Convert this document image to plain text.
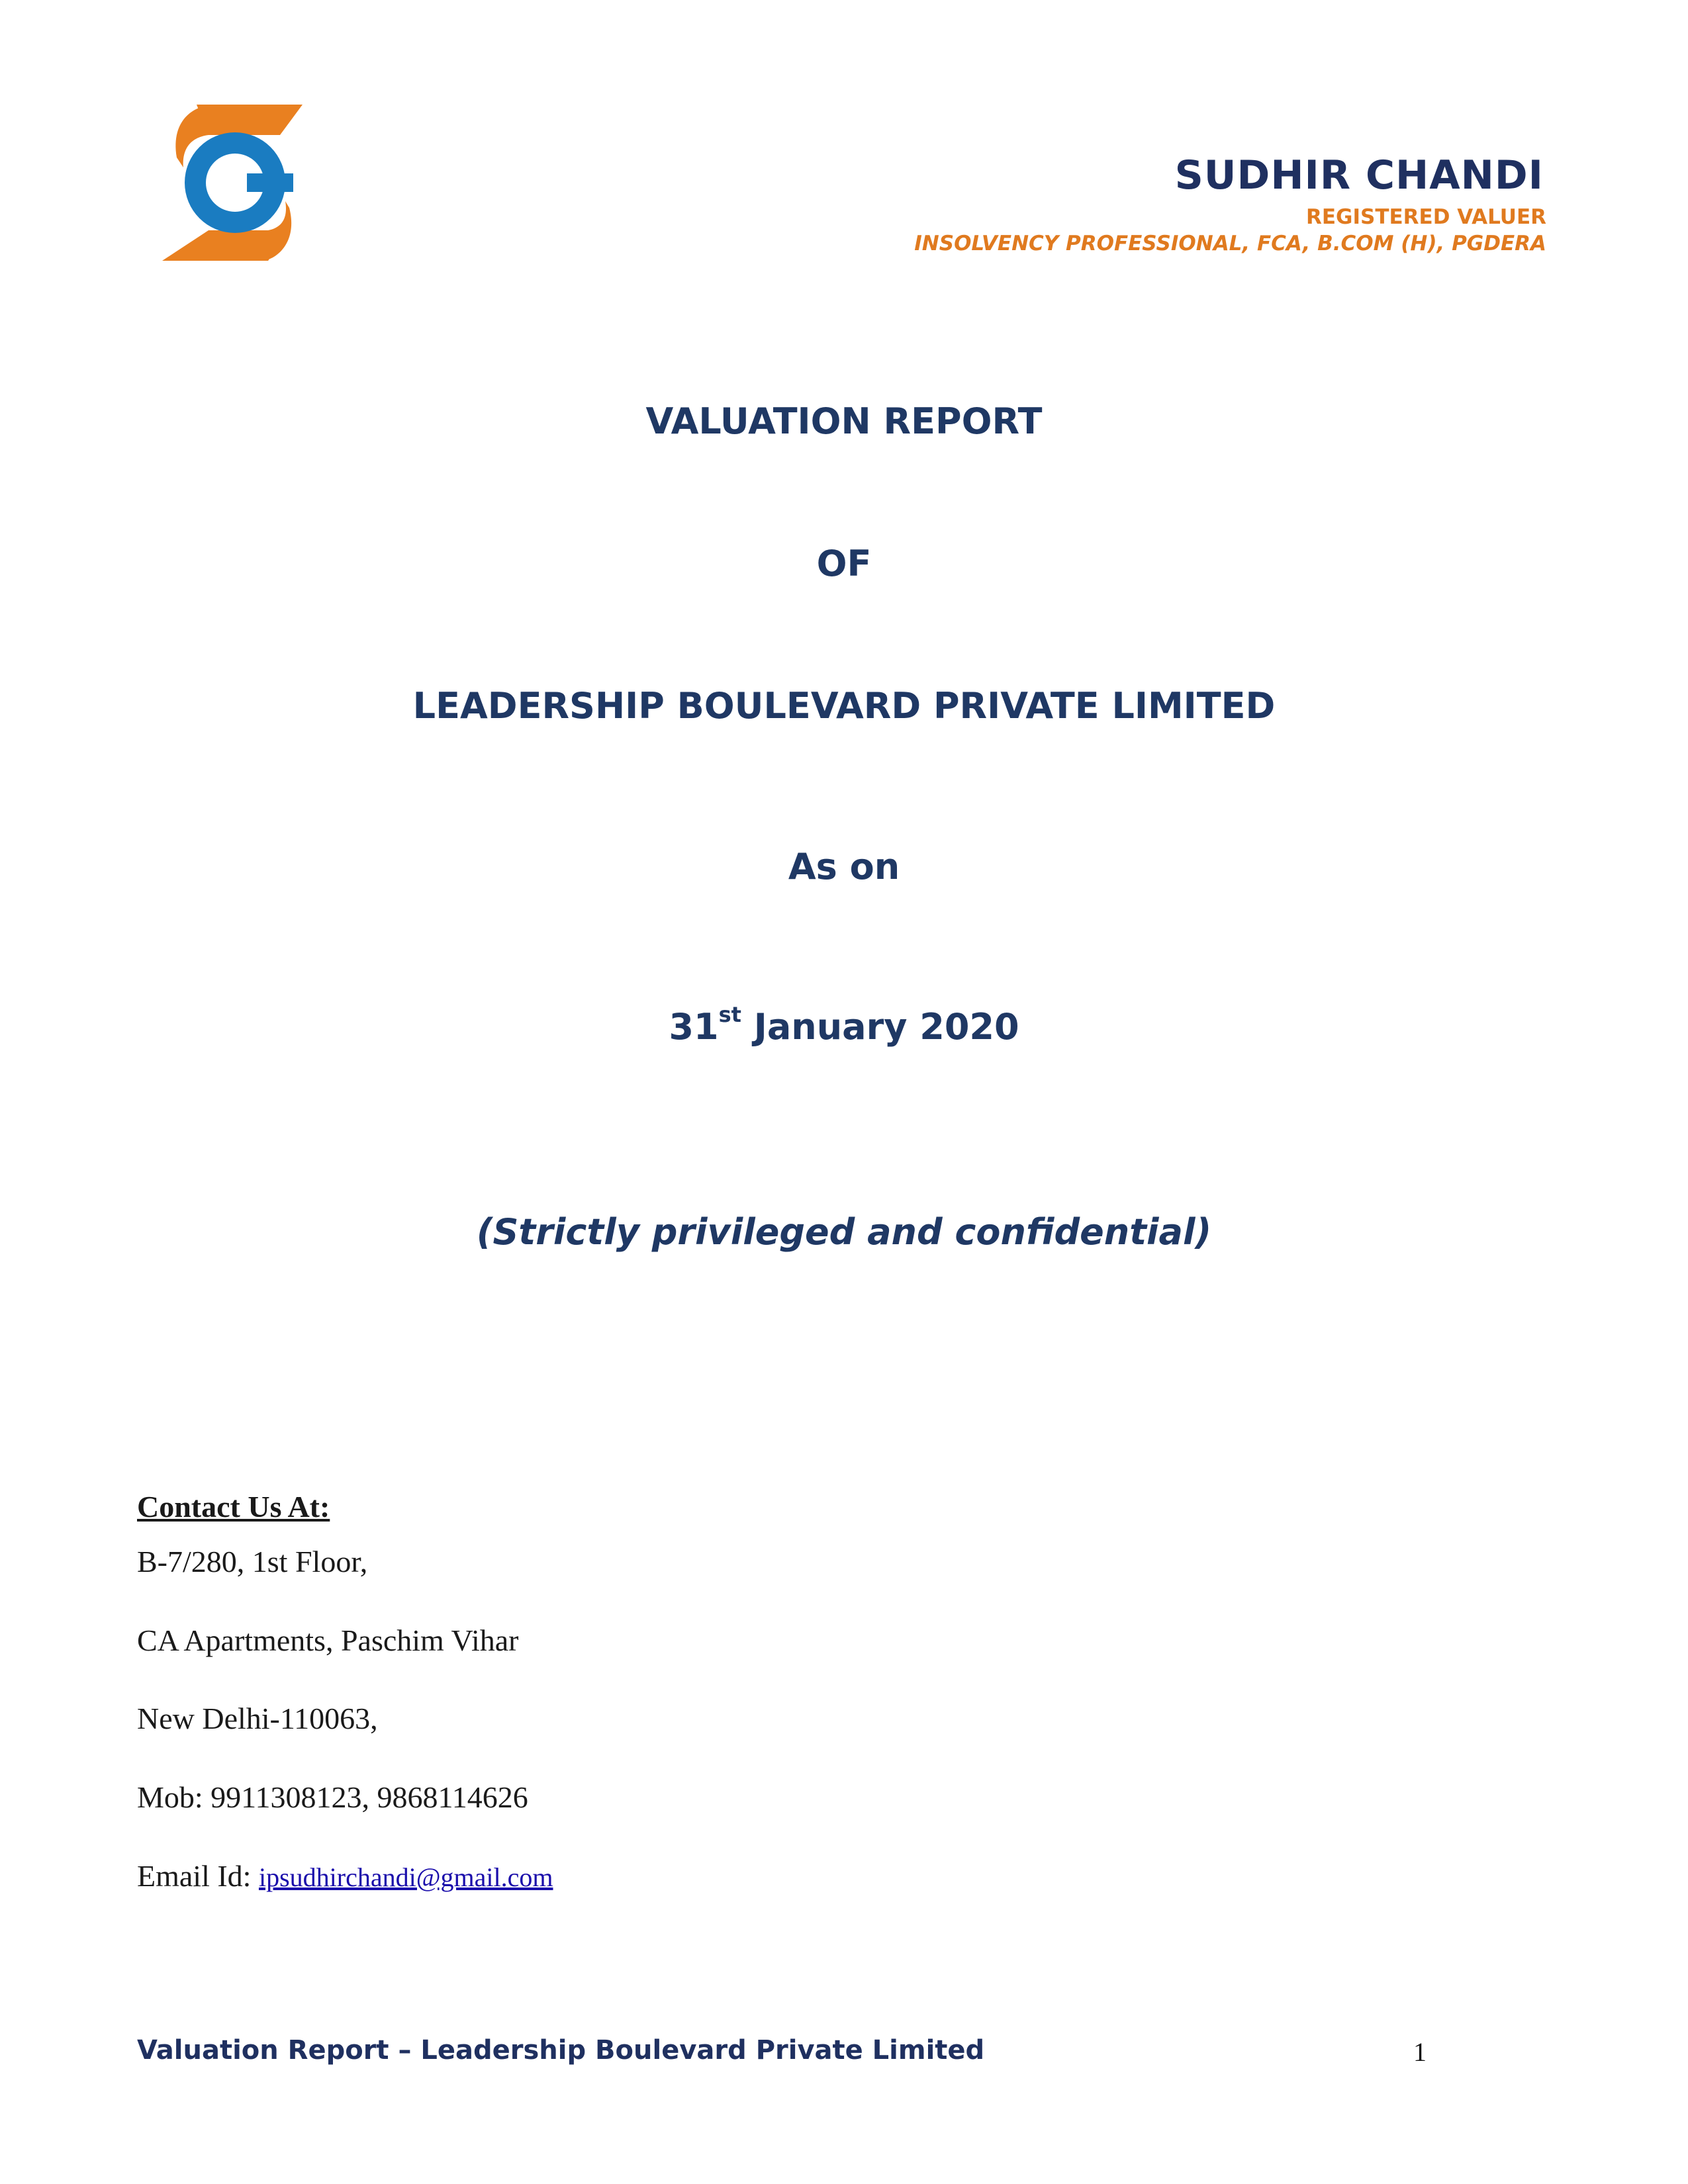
SUDHIR CHANDI

REGISTERED VALUER

INSOLVENCY PROFESSIONAL, FCA, B.COM (H), PGDERA

VALUATION REPORT

OF

LEADERSHIP BOULEVARD PRIVATE LIMITED

As on

31st January 2020

(Strictly privileged and confidential)

Contact Us At:

B-7/280, 1st Floor,

CA Apartments, Paschim Vihar

New Delhi-110063,

Mob: 9911308123, 9868114626

Email Id: ipsudhirchandi@gmail.com

Valuation Report – Leadership Boulevard Private Limited	1
